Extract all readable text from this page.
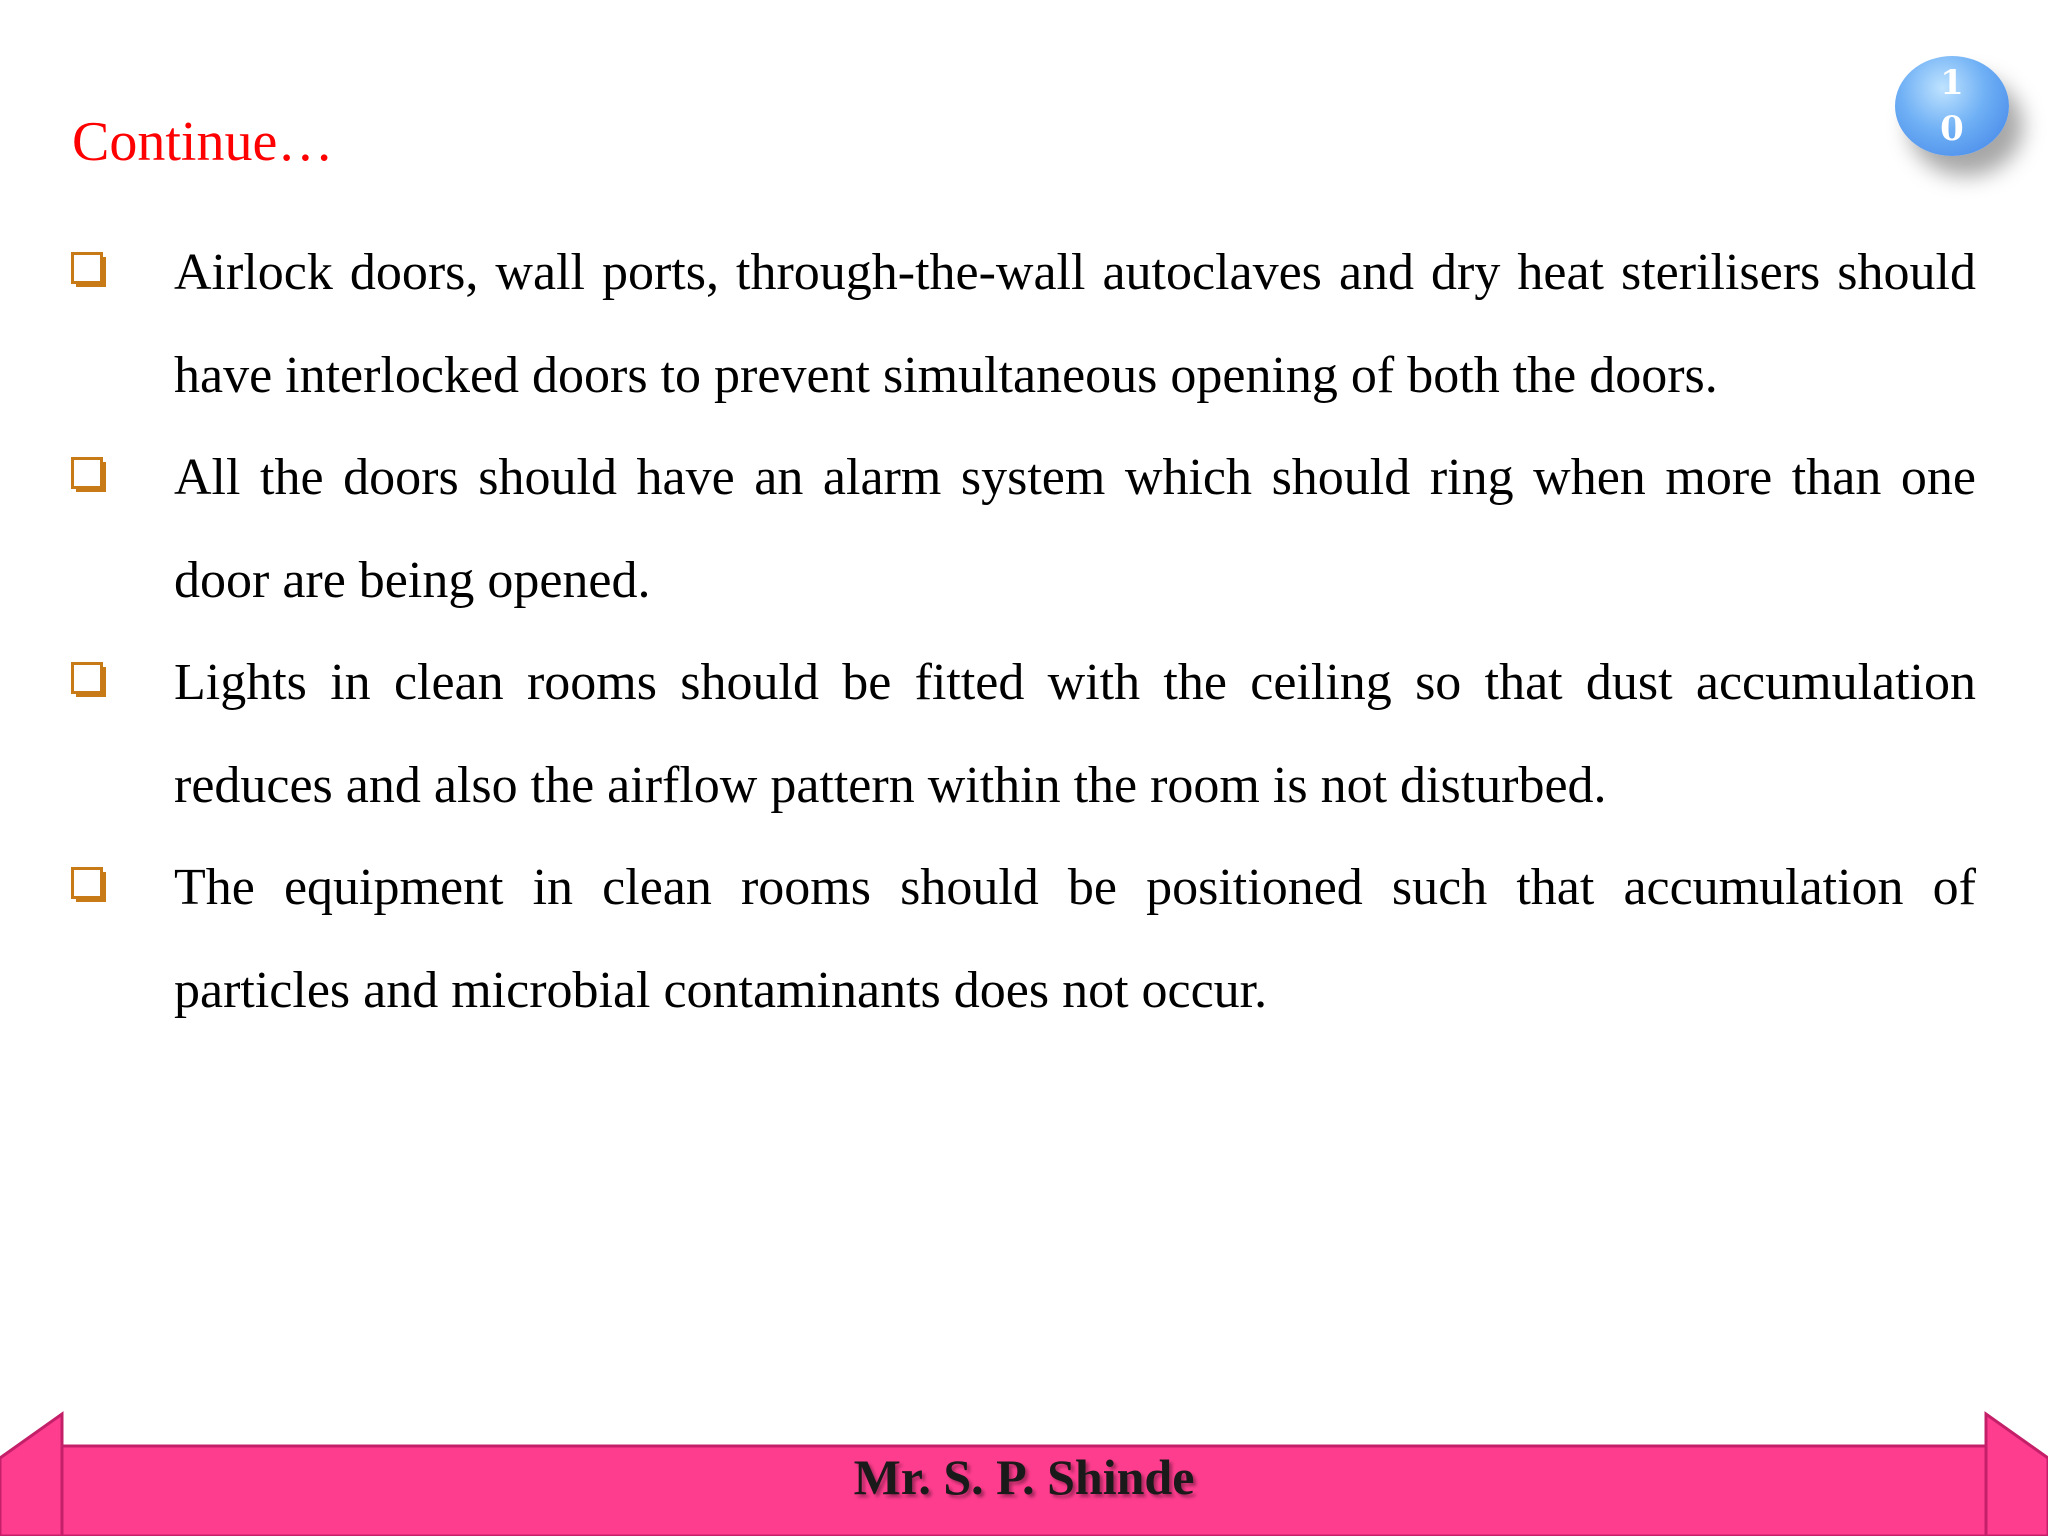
10
Continue…

Airlock doors, wall ports, through-the-wall autoclaves and dry heat sterilisers should have interlocked doors to prevent simultaneous opening of both the doors.

All the doors should have an alarm system which should ring when more than one door are being opened.

Lights in clean rooms should be fitted with the ceiling so that dust accumulation reduces and also the airflow pattern within the room is not disturbed.

The equipment in clean rooms should be positioned such that accumulation of particles and microbial contaminants does not occur.

Mr. S. P. Shinde
